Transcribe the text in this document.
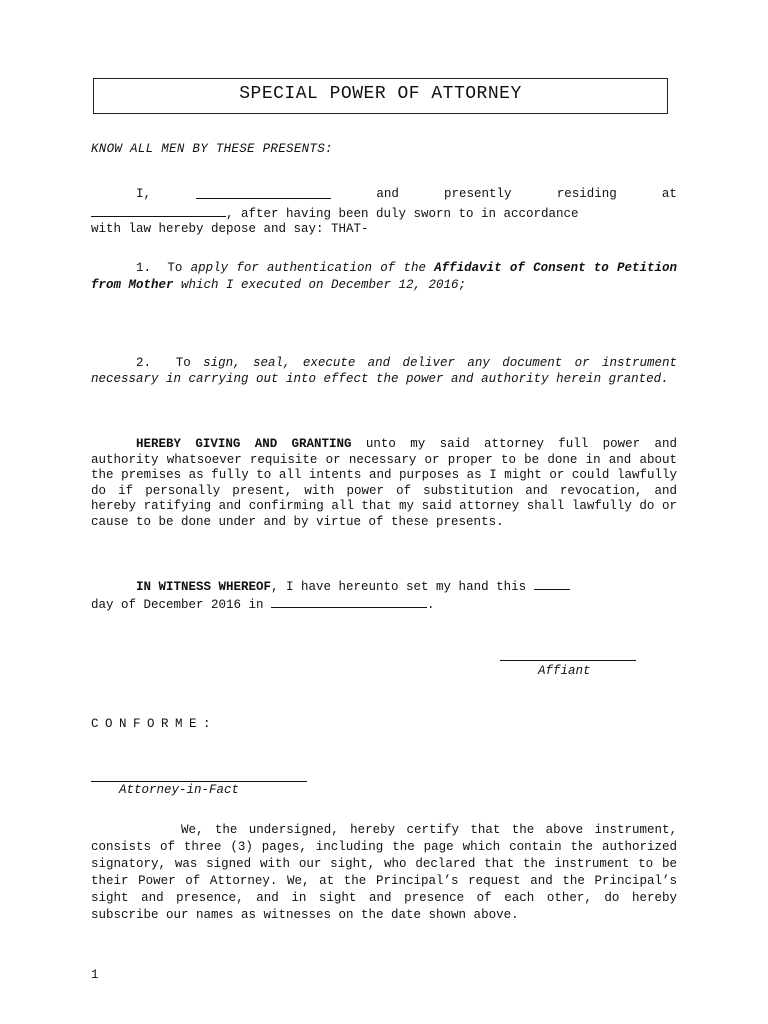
SPECIAL POWER OF ATTORNEY
KNOW ALL MEN BY THESE PRESENTS:
I,	and	presently	residing	at
, after having been duly sworn to in accordance
with law hereby depose and say: THAT-
1. To apply for authentication of the Affidavit of Consent to Petition from Mother which I executed on December 12, 2016;
2. To sign, seal, execute and deliver any document or instrument necessary in carrying out into effect the power and authority herein granted.
HEREBY GIVING AND GRANTING unto my said attorney full power and authority whatsoever requisite or necessary or proper to be done in and about the premises as fully to all intents and purposes as I might or could lawfully do if personally present, with power of substitution and revocation, and hereby ratifying and confirming all that my said attorney shall lawfully do or cause to be done under and by virtue of these presents.
IN WITNESS WHEREOF, I have hereunto set my hand this
day of December 2016 in	.
Affiant
CONFORME:
Attorney-in-Fact
We, the undersigned, hereby certify that the above instrument, consists of three (3) pages, including the page which contain the authorized signatory, was signed with our sight, who declared that the instrument to be their Power of Attorney. We, at the Principal’s request and the Principal’s sight and presence, and in sight and presence of each other, do hereby subscribe our names as witnesses on the date shown above.
1
